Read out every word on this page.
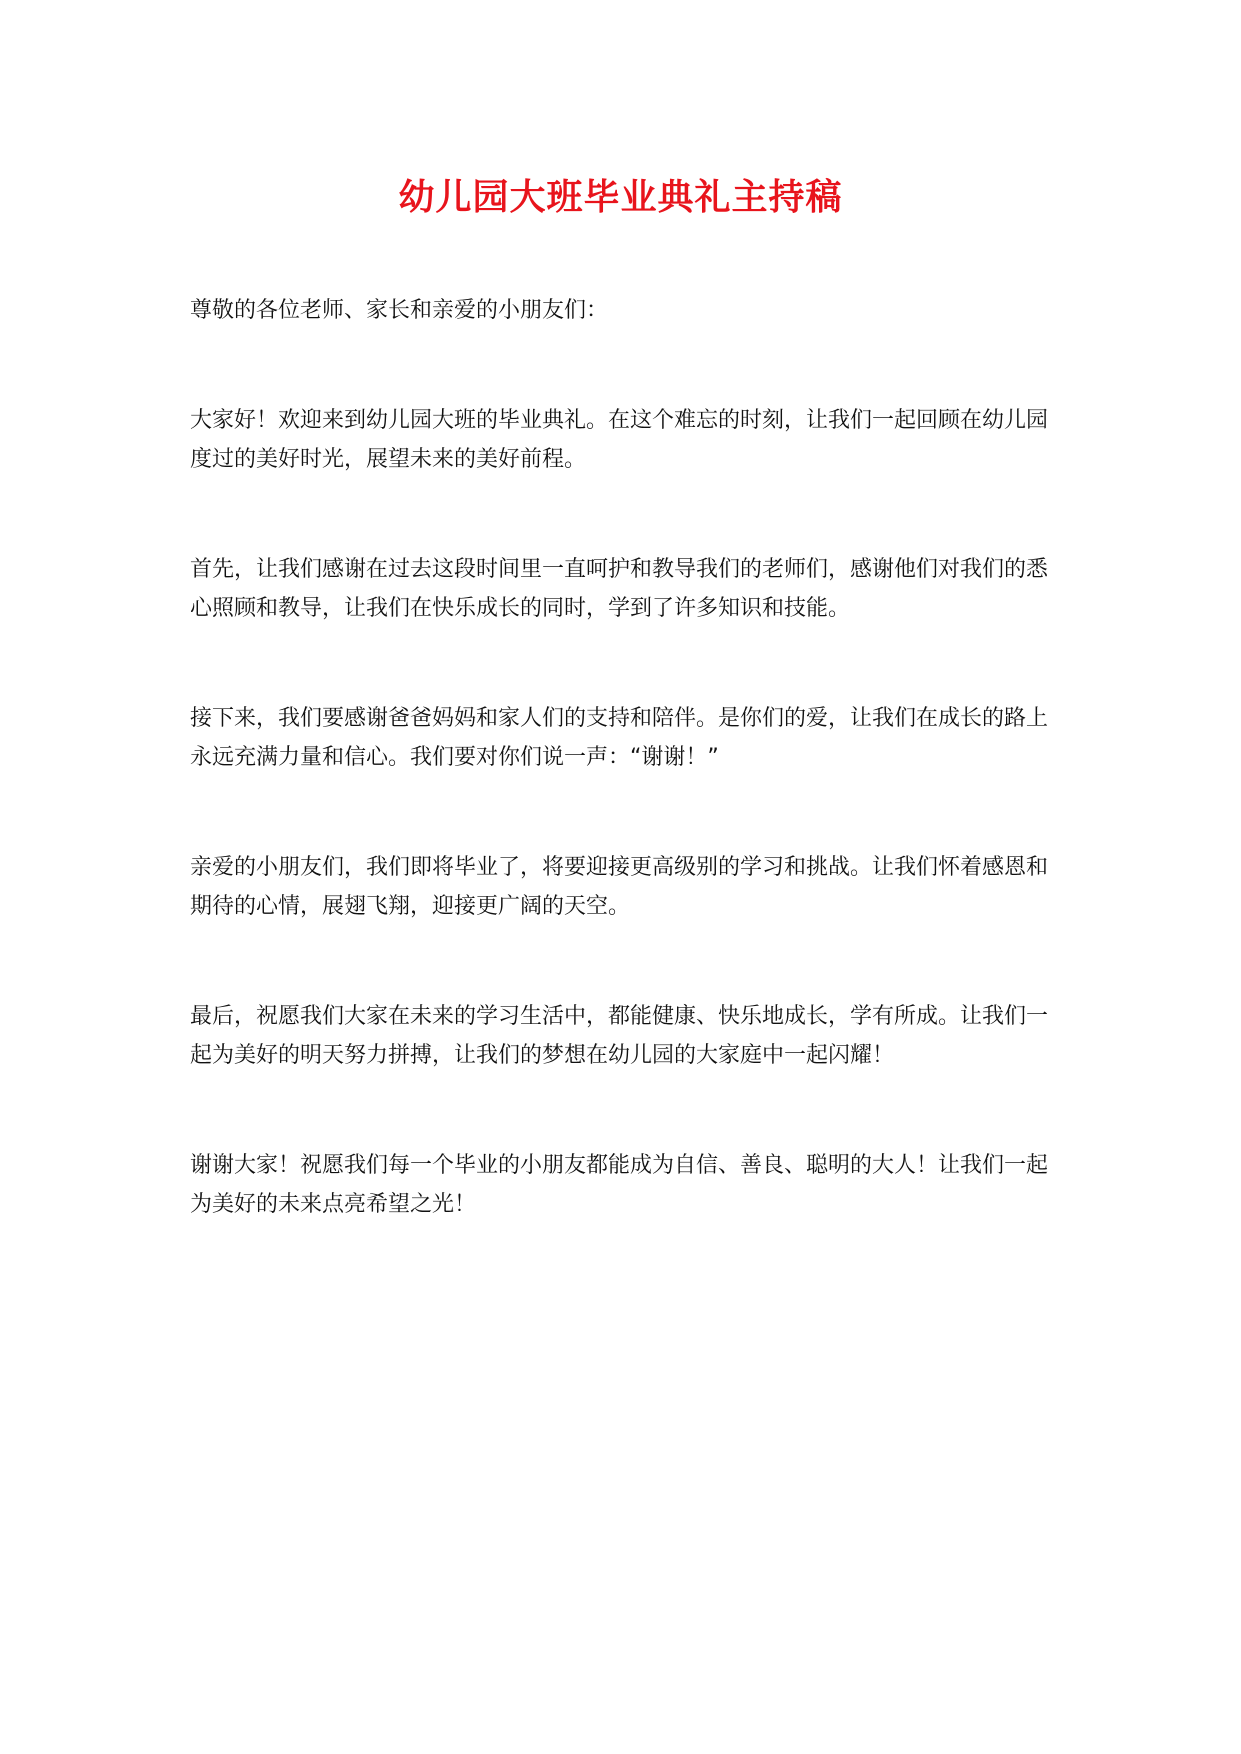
幼儿园大班毕业典礼主持稿

尊敬的各位老师、家长和亲爱的小朋友们：

大家好！欢迎来到幼儿园大班的毕业典礼。在这个难忘的时刻，让我们一起回顾在幼儿园度过的美好时光，展望未来的美好前程。

首先，让我们感谢在过去这段时间里一直呵护和教导我们的老师们，感谢他们对我们的悉心照顾和教导，让我们在快乐成长的同时，学到了许多知识和技能。

接下来，我们要感谢爸爸妈妈和家人们的支持和陪伴。是你们的爱，让我们在成长的路上永远充满力量和信心。我们要对你们说一声：“谢谢！”

亲爱的小朋友们，我们即将毕业了，将要迎接更高级别的学习和挑战。让我们怀着感恩和期待的心情，展翅飞翔，迎接更广阔的天空。

最后，祝愿我们大家在未来的学习生活中，都能健康、快乐地成长，学有所成。让我们一起为美好的明天努力拼搏，让我们的梦想在幼儿园的大家庭中一起闪耀！

谢谢大家！祝愿我们每一个毕业的小朋友都能成为自信、善良、聪明的大人！让我们一起为美好的未来点亮希望之光！
